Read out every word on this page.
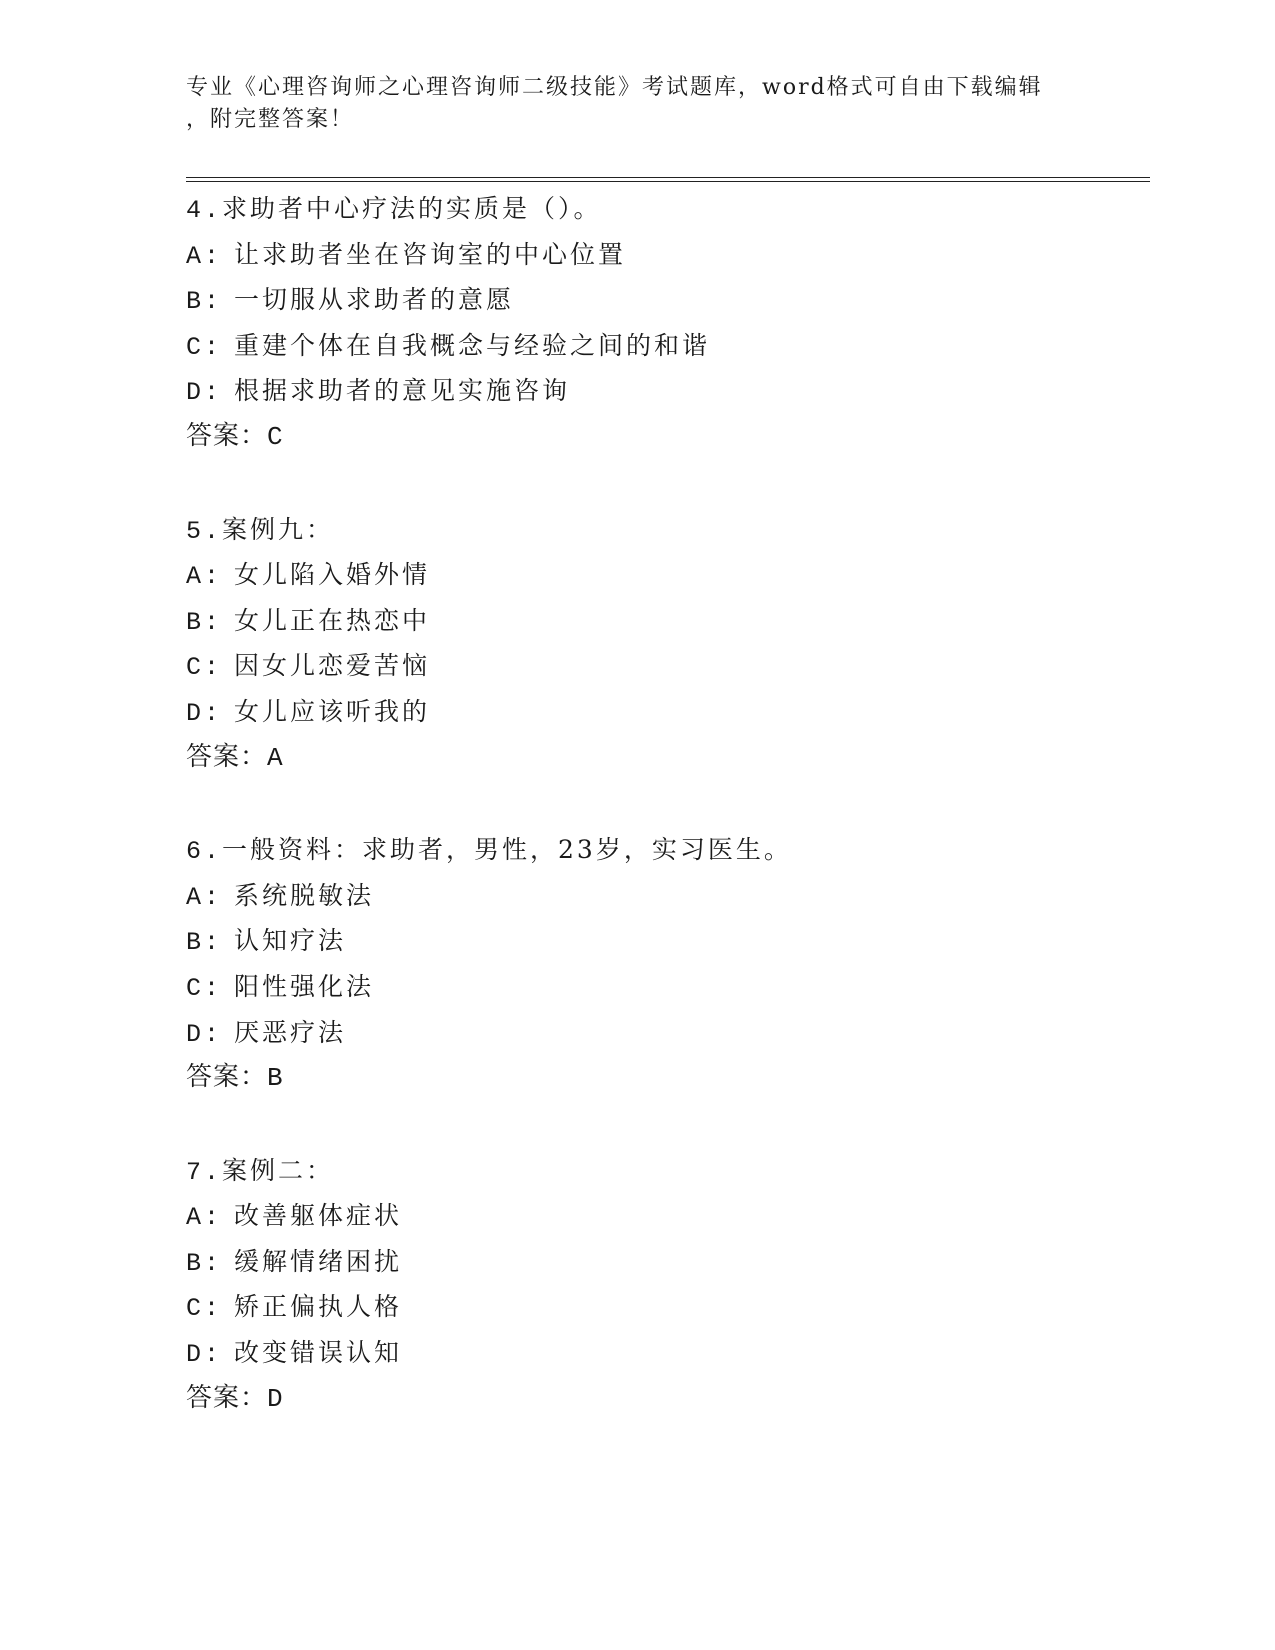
专业《心理咨询师之心理咨询师二级技能》考试题库，word格式可自由下载编辑
，附完整答案！
4.求助者中心疗法的实质是（）。
A: 让求助者坐在咨询室的中心位置
B: 一切服从求助者的意愿
C: 重建个体在自我概念与经验之间的和谐
D: 根据求助者的意见实施咨询
答案：C
5.案例九：
A: 女儿陷入婚外情
B: 女儿正在热恋中
C: 因女儿恋爱苦恼
D: 女儿应该听我的
答案：A
6.一般资料：求助者，男性，23岁，实习医生。
A: 系统脱敏法
B: 认知疗法
C: 阳性强化法
D: 厌恶疗法
答案：B
7.案例二：
A: 改善躯体症状
B: 缓解情绪困扰
C: 矫正偏执人格
D: 改变错误认知
答案：D
